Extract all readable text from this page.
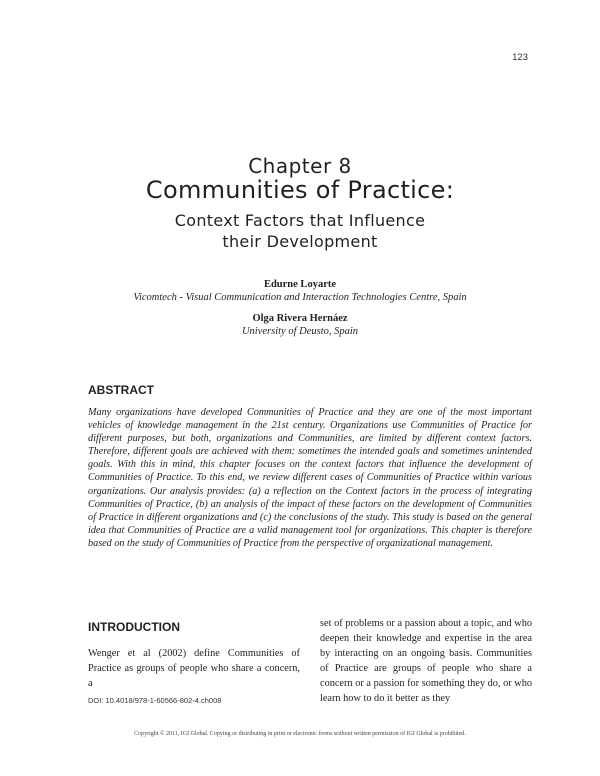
123
Chapter 8
Communities of Practice:
Context Factors that Influence
their Development
Edurne Loyarte
Vicomtech - Visual Communication and Interaction Technologies Centre, Spain
Olga Rivera Hernáez
University of Deusto, Spain
ABSTRACT
Many organizations have developed Communities of Practice and they are one of the most important vehicles of knowledge management in the 21st century. Organizations use Communities of Practice for different purposes, but both, organizations and Communities, are limited by different context factors. Therefore, different goals are achieved with them: sometimes the intended goals and sometimes unintended goals. With this in mind, this chapter focuses on the context factors that influence the development of Communities of Practice. To this end, we review different cases of Communities of Practice within various organizations. Our analysis provides: (a) a reflection on the Context factors in the process of integrating Communities of Practice, (b) an analysis of the impact of these factors on the development of Communities of Practice in different organizations and (c) the conclusions of the study. This study is based on the general idea that Communities of Practice are a valid management tool for organizations. This chapter is therefore based on the study of Communities of Practice from the perspective of organizational management.
INTRODUCTION
Wenger et al (2002) define Communities of Practice as groups of people who share a concern, a
set of problems or a passion about a topic, and who deepen their knowledge and expertise in the area by interacting on an ongoing basis. Communities of Practice are groups of people who share a concern or a passion for something they do, or who learn how to do it better as they
DOI: 10.4018/978-1-60566-802-4.ch008
Copyright © 2011, IGI Global. Copying or distributing in print or electronic forms without written permission of IGI Global is prohibited.
